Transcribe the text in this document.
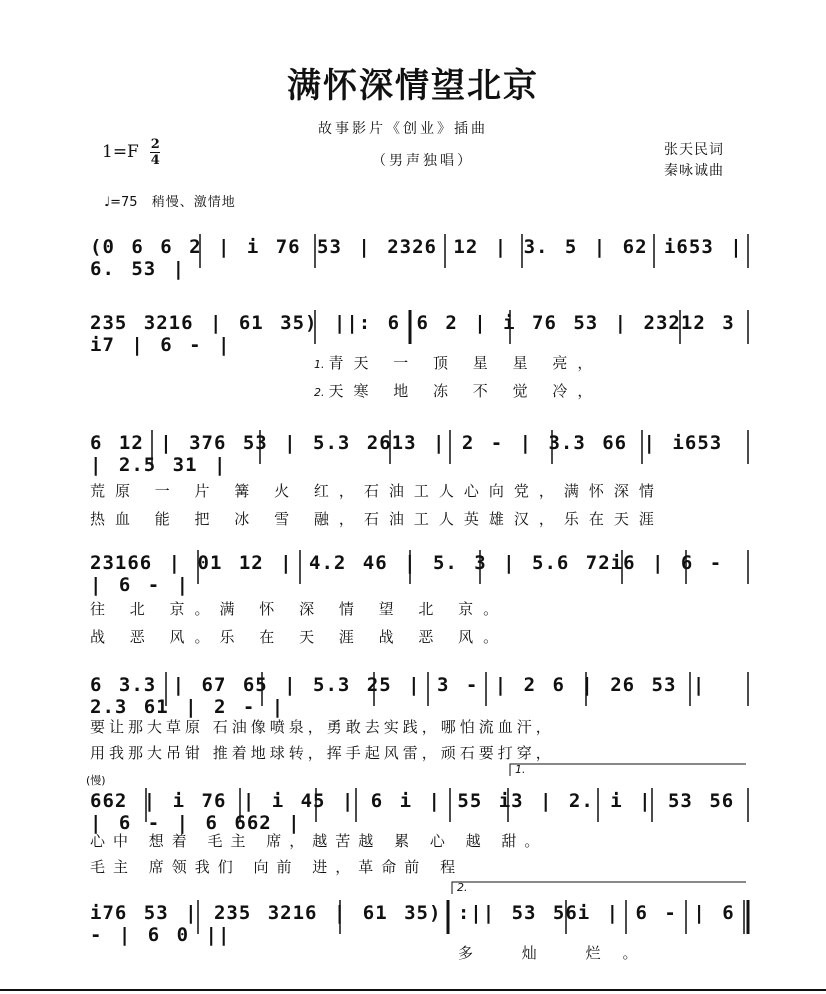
满怀深情望北京
故事影片《创业》插曲
（男声独唱）
$1=F \frac{2}{4}$	张天民词
秦咏诚曲
♩=75 稍慢、激情地
(0 6 6 2 | i 76 53 | 2326 12 | 3. 5 | 62 i653 | 6. 53 |
235 3216 | 61 35) ||: 6 6 2 | i 76 53 | 23212 3 i7 | 6 - |
1. 青天 一 顶 星 星 亮，
2. 天寒 地 冻 不 觉 冷，
6 12 | 376 53 | 5.3 2613 | 2 - | 3.3 66 | i653 | 2.5 31 |
荒原 一 片 篝 火 红，石油工人心向党，满怀深情
热血 能 把 冰 雪 融，石油工人英雄汉，乐在天涯
23166 | 01 12 | 4.2 46 | 5. 3 | 5.6 72i6 | 6 - | 6 - |
往 北 京。满 怀 深 情 望 北 京。
战 恶 风。乐 在 天 涯 战 恶 风。
6 3.3 | 67 65 | 5.3 25 | 3 - | 2 6 | 26 53 | 2.3 61 | 2 - |
要让那大草原 石油像喷泉，勇敢去实践，哪怕流血汗，
用我那大吊钳 推着地球转，挥手起风雷，顽石要打穿，
(慢)
1.
662 | i 76 | i 45 | 6 i | 55 i3 | 2. i | 53 56 | 6 - | 6 662 |
心中 想着 毛主 席，越苦越 累 心 越 甜。
毛主 席领我们 向前 进，革命前 程
2.
i76 53 | 235 3216 | 61 35) :|| 53 56i | 6 - | 6 - | 6 0 ||
多 灿 烂。
